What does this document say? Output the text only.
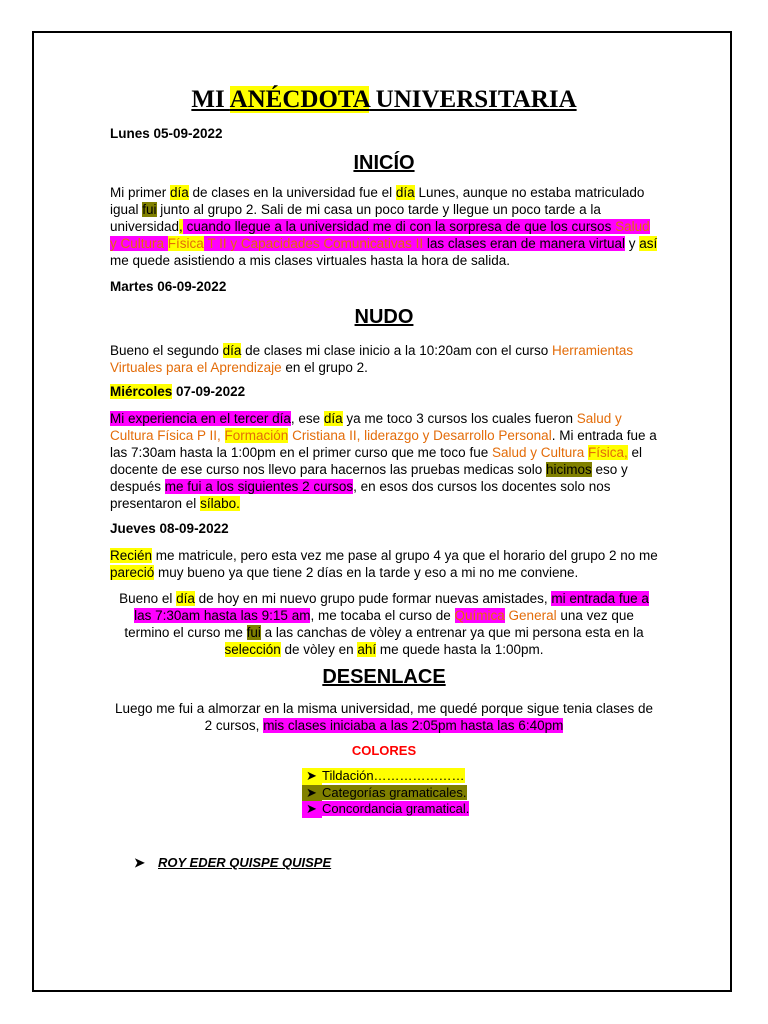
MI ANÉCDOTA UNIVERSITARIA
Lunes 05-09-2022
INICÍO
Mi primer día de clases en la universidad fue el día Lunes, aunque no estaba matriculado igual fui junto al grupo 2. Sali de mi casa un poco tarde y llegue un poco tarde a la universidad, cuando llegue a la universidad me di con la sorpresa de que los cursos Salud y Cultura Física T II y Capacidades Comunicativas II las clases eran de manera virtual y así me quede asistiendo a mis clases virtuales hasta la hora de salida.
Martes 06-09-2022
NUDO
Bueno el segundo día de clases mi clase inicio a la 10:20am con el curso Herramientas Virtuales para el Aprendizaje en el grupo 2.
Miércoles 07-09-2022
Mi experiencia en el tercer día, ese día ya me toco 3 cursos los cuales fueron Salud y Cultura Física P II, Formación Cristiana II, liderazgo y Desarrollo Personal. Mi entrada fue a las 7:30am hasta la 1:00pm en el primer curso que me toco fue Salud y Cultura Física, el docente de ese curso nos llevo para hacernos las pruebas medicas solo hicimos eso y después me fui a los siguientes 2 cursos, en esos dos cursos los docentes solo nos presentaron el sílabo.
Jueves 08-09-2022
Recién me matricule, pero esta vez me pase al grupo 4 ya que el horario del grupo 2 no me pareció muy bueno ya que tiene 2 días en la tarde y eso a mi no me conviene.
Bueno el día de hoy en mi nuevo grupo pude formar nuevas amistades, mi entrada fue a las 7:30am hasta las 9:15 am, me tocaba el curso de Química General una vez que termino el curso me fui a las canchas de vòley a entrenar ya que mi persona esta en la selección de vòley en ahí me quede hasta la 1:00pm.
DESENLACE
Luego me fui a almorzar en la misma universidad, me quedé porque sigue tenia clases de 2 cursos, mis clases iniciaba a las 2:05pm hasta las 6:40pm
COLORES
➤ Tildación…………………
➤ Categorías gramaticales.
➤ Concordancia gramatical.
➤ ROY EDER QUISPE QUISPE
